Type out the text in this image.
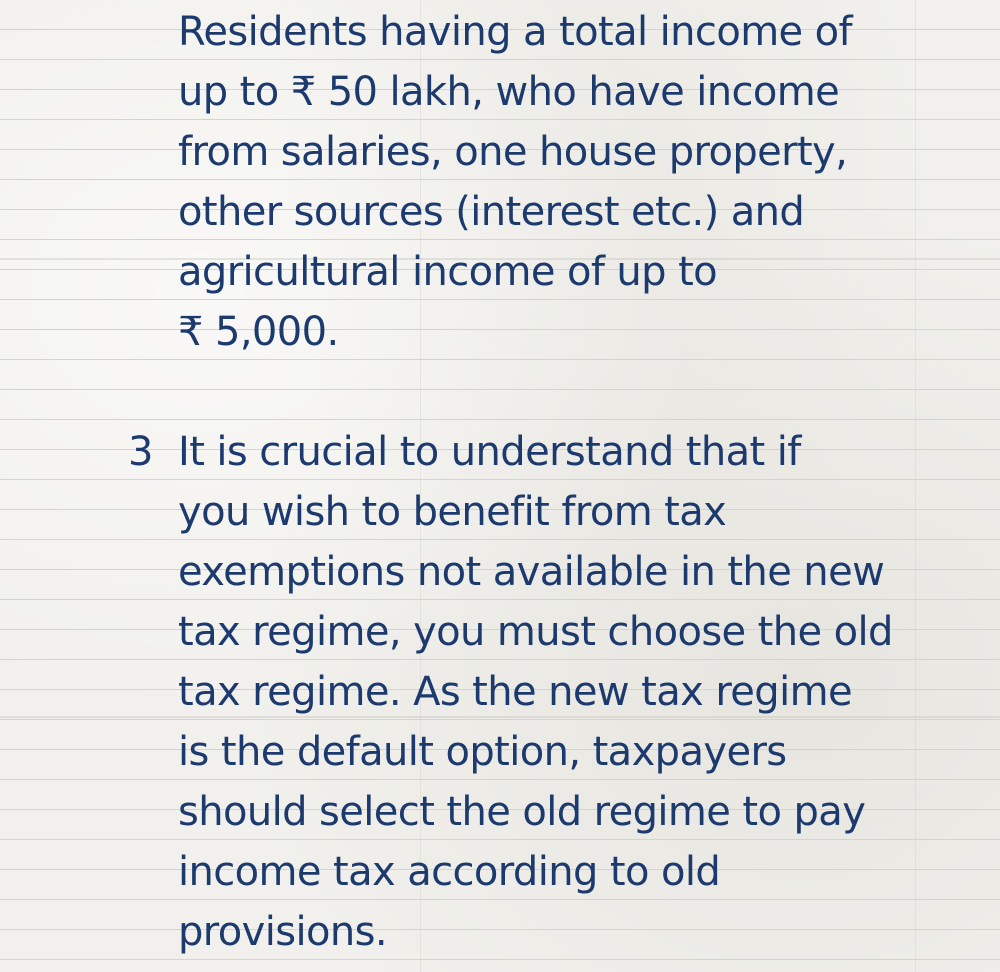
Residents having a total income of
up to ₹ 50 lakh, who have income
from salaries, one house property,
other sources (interest etc.) and
agricultural income of up to
₹ 5,000.
3 It is crucial to understand that if
you wish to benefit from tax
exemptions not available in the new
tax regime, you must choose the old
tax regime. As the new tax regime
is the default option, taxpayers
should select the old regime to pay
income tax according to old
provisions.
